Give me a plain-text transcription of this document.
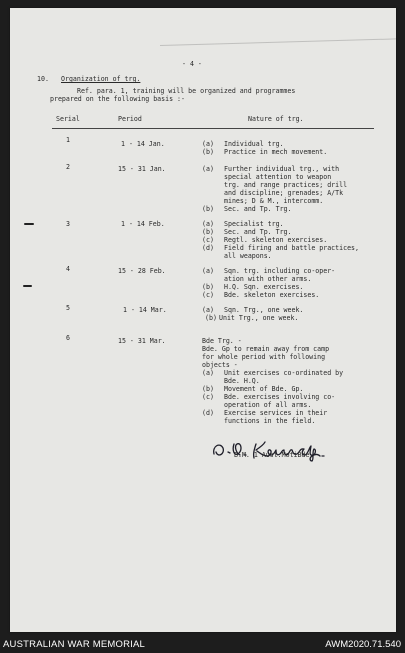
- 4 -
10. Organization of trg.
Ref. para. 1, training will be organized and programmes
prepared on the following basis :-
Serial	Period	Nature of trg.
1	1 - 14 Jan.	(a) Individual trg.
(b) Practice in mech movement.
2	15 - 31 Jan.	(a) Further individual trg., with
special attention to weapon
trg. and range practices; drill
and discipline; grenades; A/Tk
mines; D & M., intercomm.
(b) Sec. and Tp. Trg.
3	1 - 14 Feb.	(a) Specialist trg.
(b) Sec. and Tp. Trg.
(c) Regtl. skeleton exercises.
(d) Field firing and battle practices,
all weapons.
4	15 - 28 Feb.	(a) Sqn. trg. including co-oper-
ation with other arms.
(b) H.Q. Sqn. exercises.
(c) Bde. skeleton exercises.
5	1 - 14 Mar.	(a) Sqn. Trg., one week.
(b) Unit Trg., one week.
6	15 - 31 Mar.	Bde Trg. -
Bde. Gp to remain away from camp
for whole period with following
objects -
(a) Unit exercises co-ordinated by
Bde. H.Q.
(b) Movement of Bde. Gp.
(c) Bde. exercises involving co-
operation of all arms.
(d) Exercise services in their
functions in the field.
B.M. 1 Aust.MotiBde.
AUSTRALIAN WAR MEMORIAL	AWM2020.71.540
